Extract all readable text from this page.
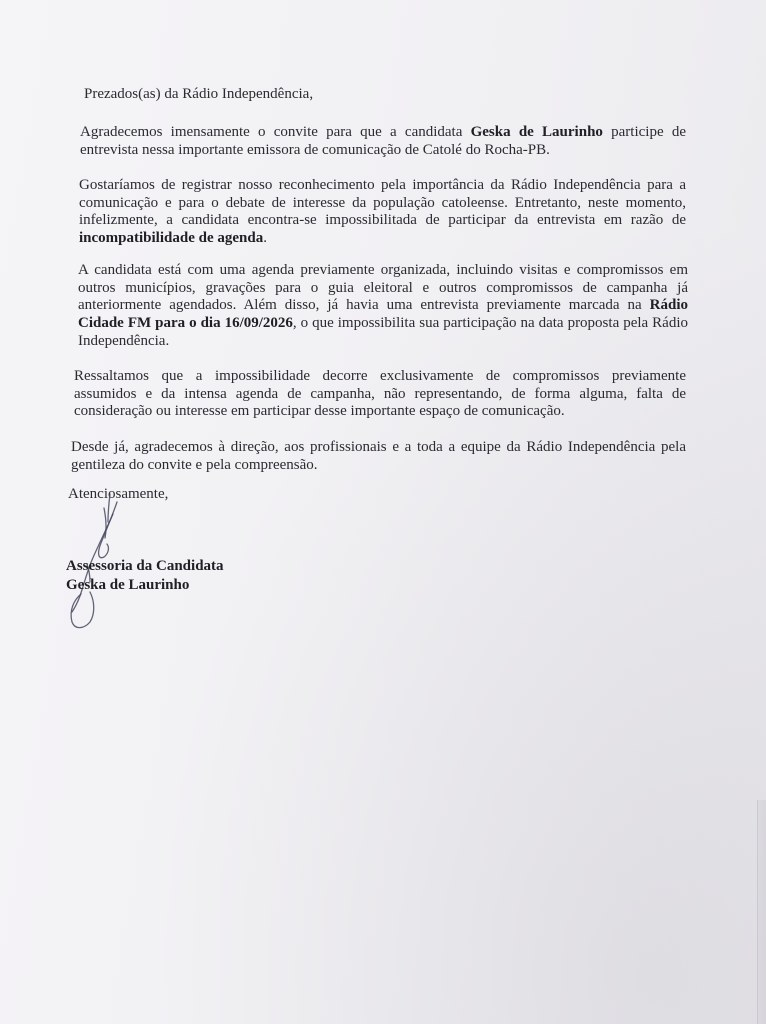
Prezados(as) da Rádio Independência,
Agradecemos imensamente o convite para que a candidata Geska de Laurinho participe de
entrevista nessa importante emissora de comunicação de Catolé do Rocha-PB.
Gostaríamos de registrar nosso reconhecimento pela importância da Rádio Independência para a
comunicação e para o debate de interesse da população catoleense. Entretanto, neste momento,
infelizmente, a candidata encontra-se impossibilitada de participar da entrevista em razão de
incompatibilidade de agenda.
A candidata está com uma agenda previamente organizada, incluindo visitas e compromissos em
outros municípios, gravações para o guia eleitoral e outros compromissos de campanha já
anteriormente agendados. Além disso, já havia uma entrevista previamente marcada na Rádio
Cidade FM para o dia 16/09/2026, o que impossibilita sua participação na data proposta pela Rádio
Independência.
Ressaltamos que a impossibilidade decorre exclusivamente de compromissos previamente
assumidos e da intensa agenda de campanha, não representando, de forma alguma, falta de
consideração ou interesse em participar desse importante espaço de comunicação.
Desde já, agradecemos à direção, aos profissionais e a toda a equipe da Rádio Independência pela
gentileza do convite e pela compreensão.
Atenciosamente,
Assessoria da Candidata
Geska de Laurinho
